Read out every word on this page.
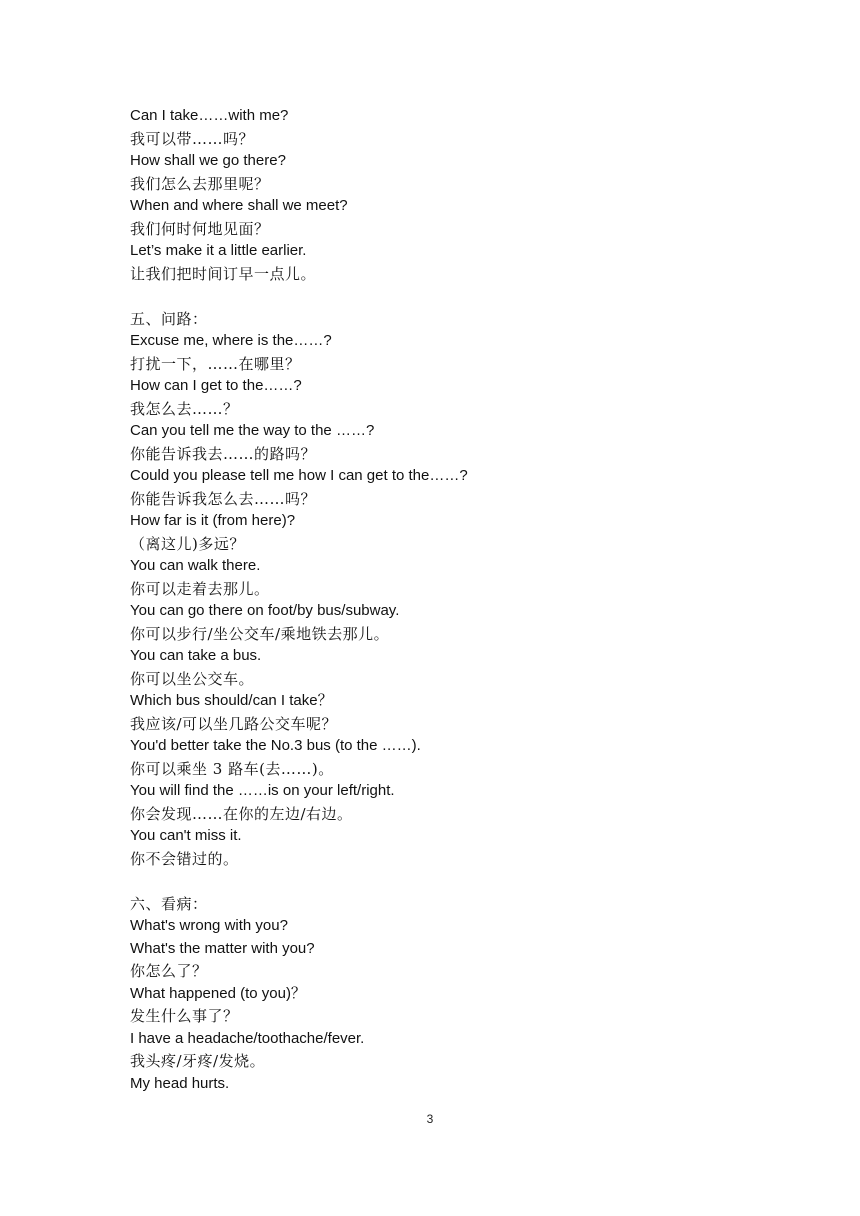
Can I take……with me?
我可以带……吗？
How shall we go there?
我们怎么去那里呢？
When and where shall we meet?
我们何时何地见面？
Let’s make it a little earlier.
让我们把时间订早一点儿。
五、问路：
Excuse me, where is the……?
打扰一下，……在哪里？
How can I get to the……?
我怎么去……？
Can you tell me the way to the ……?
你能告诉我去……的路吗？
Could you please tell me how I can get to the……?
你能告诉我怎么去……吗？
How far is it (from here)?
（离这儿)多远？
You can walk there.
你可以走着去那儿。
You can go there on foot/by bus/subway.
你可以步行/坐公交车/乘地铁去那儿。
You can take a bus.
你可以坐公交车。
Which bus should/can I take？
我应该/可以坐几路公交车呢？
You'd better take the No.3 bus (to the ……).
你可以乘坐 3 路车(去……)。
You will find the ……is on your left/right.
你会发现……在你的左边/右边。
You can't miss it.
你不会错过的。
六、看病：
What's wrong with you?
What's the matter with you?
你怎么了？
What happened (to you)？
发生什么事了？
I have a headache/toothache/fever.
我头疼/牙疼/发烧。
My head hurts.
3
